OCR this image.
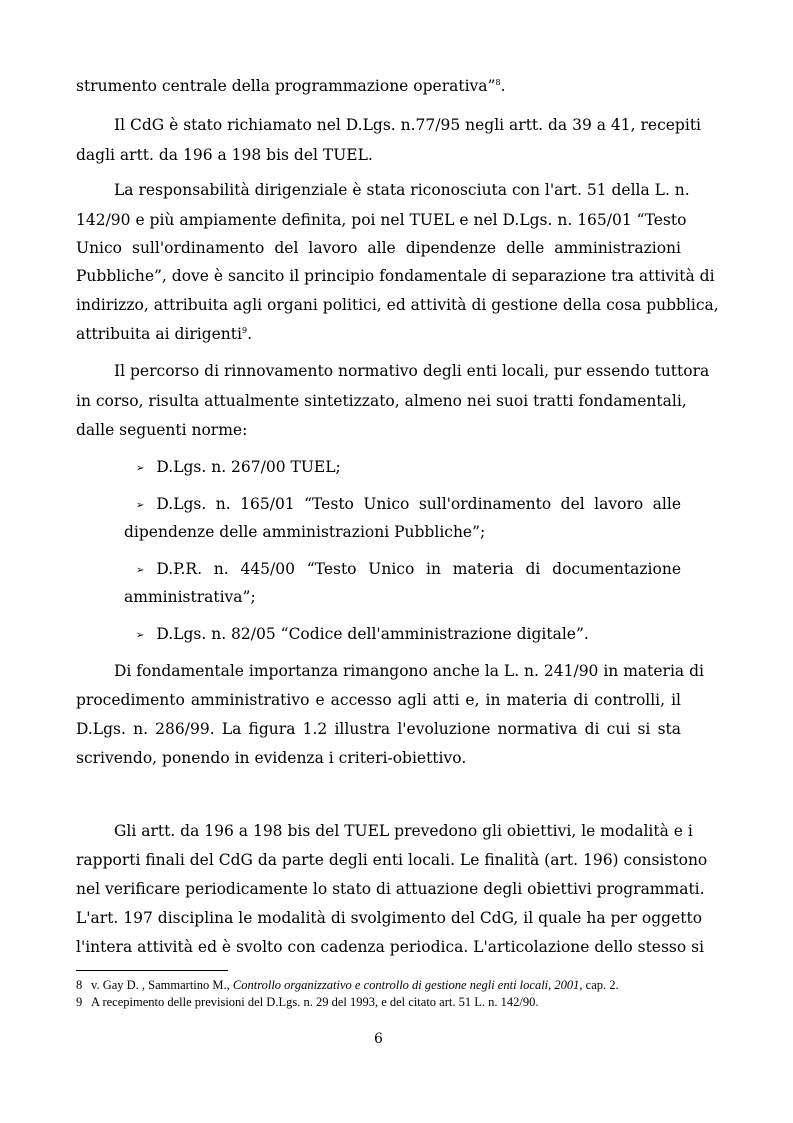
strumento centrale della programmazione operativa”$^8$.
Il CdG è stato richiamato nel D.Lgs. n.77/95 negli artt. da 39 a 41, recepiti
dagli artt. da 196 a 198 bis del TUEL.
La responsabilità dirigenziale è stata riconosciuta con l'art. 51 della L. n.
142/90 e più ampiamente definita, poi nel TUEL e nel D.Lgs. n. 165/01 “Testo
Unico sull'ordinamento del lavoro alle dipendenze delle amministrazioni
Pubbliche”, dove è sancito il principio fondamentale di separazione tra attività di
indirizzo, attribuita agli organi politici, ed attività di gestione della cosa pubblica,
attribuita ai dirigenti$^9$.
Il percorso di rinnovamento normativo degli enti locali, pur essendo tuttora
in corso, risulta attualmente sintetizzato, almeno nei suoi tratti fondamentali,
dalle seguenti norme:
➢ D.Lgs. n. 267/00 TUEL;
➢ D.Lgs. n. 165/01 “Testo Unico sull'ordinamento del lavoro alle
dipendenze delle amministrazioni Pubbliche”;
➢ D.P.R. n. 445/00 “Testo Unico in materia di documentazione
amministrativa”;
➢ D.Lgs. n. 82/05 “Codice dell'amministrazione digitale”.
Di fondamentale importanza rimangono anche la L. n. 241/90 in materia di
procedimento amministrativo e accesso agli atti e, in materia di controlli, il
D.Lgs. n. 286/99. La figura 1.2 illustra l'evoluzione normativa di cui si sta
scrivendo, ponendo in evidenza i criteri-obiettivo.
Gli artt. da 196 a 198 bis del TUEL prevedono gli obiettivi, le modalità e i
rapporti finali del CdG da parte degli enti locali. Le finalità (art. 196) consistono
nel verificare periodicamente lo stato di attuazione degli obiettivi programmati.
L'art. 197 disciplina le modalità di svolgimento del CdG, il quale ha per oggetto
l'intera attività ed è svolto con cadenza periodica. L'articolazione dello stesso si
8 v. Gay D. , Sammartino M., Controllo organizzativo e controllo di gestione negli enti locali, 2001, cap. 2.
9 A recepimento delle previsioni del D.Lgs. n. 29 del 1993, e del citato art. 51 L. n. 142/90.
6
